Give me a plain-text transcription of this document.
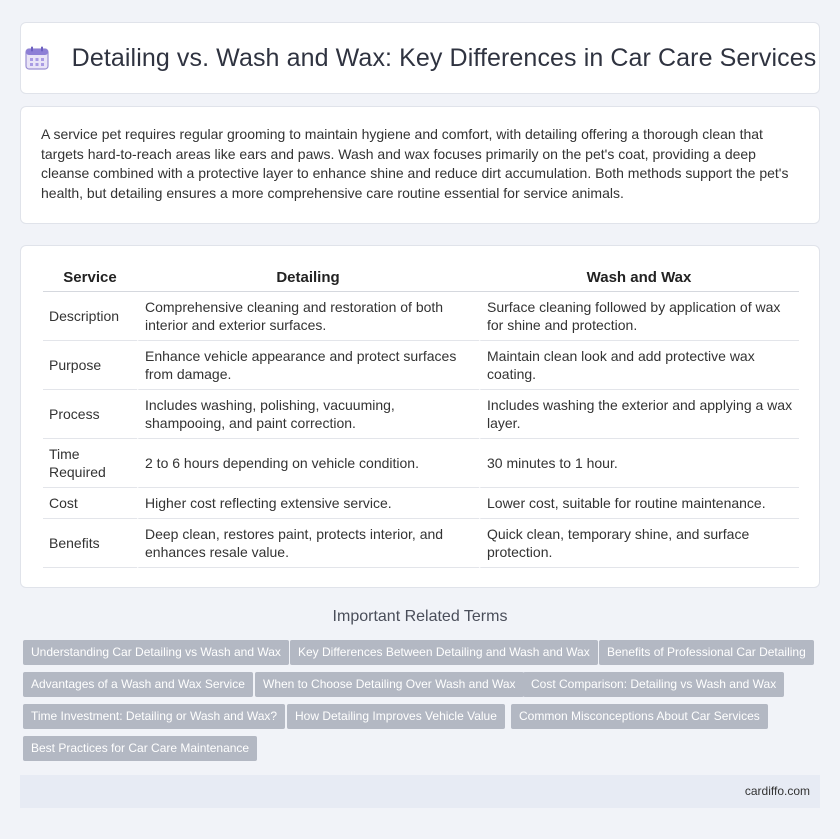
Detailing vs. Wash and Wax: Key Differences in Car Care Services

A service pet requires regular grooming to maintain hygiene and comfort, with detailing offering a thorough clean that targets hard-to-reach areas like ears and paws. Wash and wax focuses primarily on the pet's coat, providing a deep cleanse combined with a protective layer to enhance shine and reduce dirt accumulation. Both methods support the pet's health, but detailing ensures a more comprehensive care routine essential for service animals.

Service	Detailing	Wash and Wax
Description	Comprehensive cleaning and restoration of both interior and exterior surfaces.	Surface cleaning followed by application of wax for shine and protection.
Purpose	Enhance vehicle appearance and protect surfaces from damage.	Maintain clean look and add protective wax coating.
Process	Includes washing, polishing, vacuuming, shampooing, and paint correction.	Includes washing the exterior and applying a wax layer.
Time Required	2 to 6 hours depending on vehicle condition.	30 minutes to 1 hour.
Cost	Higher cost reflecting extensive service.	Lower cost, suitable for routine maintenance.
Benefits	Deep clean, restores paint, protects interior, and enhances resale value.	Quick clean, temporary shine, and surface protection.
Important Related Terms
Understanding Car Detailing vs Wash and Wax	Key Differences Between Detailing and Wash and Wax	Benefits of Professional Car Detailing
Advantages of a Wash and Wax Service	When to Choose Detailing Over Wash and Wax	Cost Comparison: Detailing vs Wash and Wax
Time Investment: Detailing or Wash and Wax?	How Detailing Improves Vehicle Value	Common Misconceptions About Car Services
Best Practices for Car Care Maintenance
cardiffo.com
